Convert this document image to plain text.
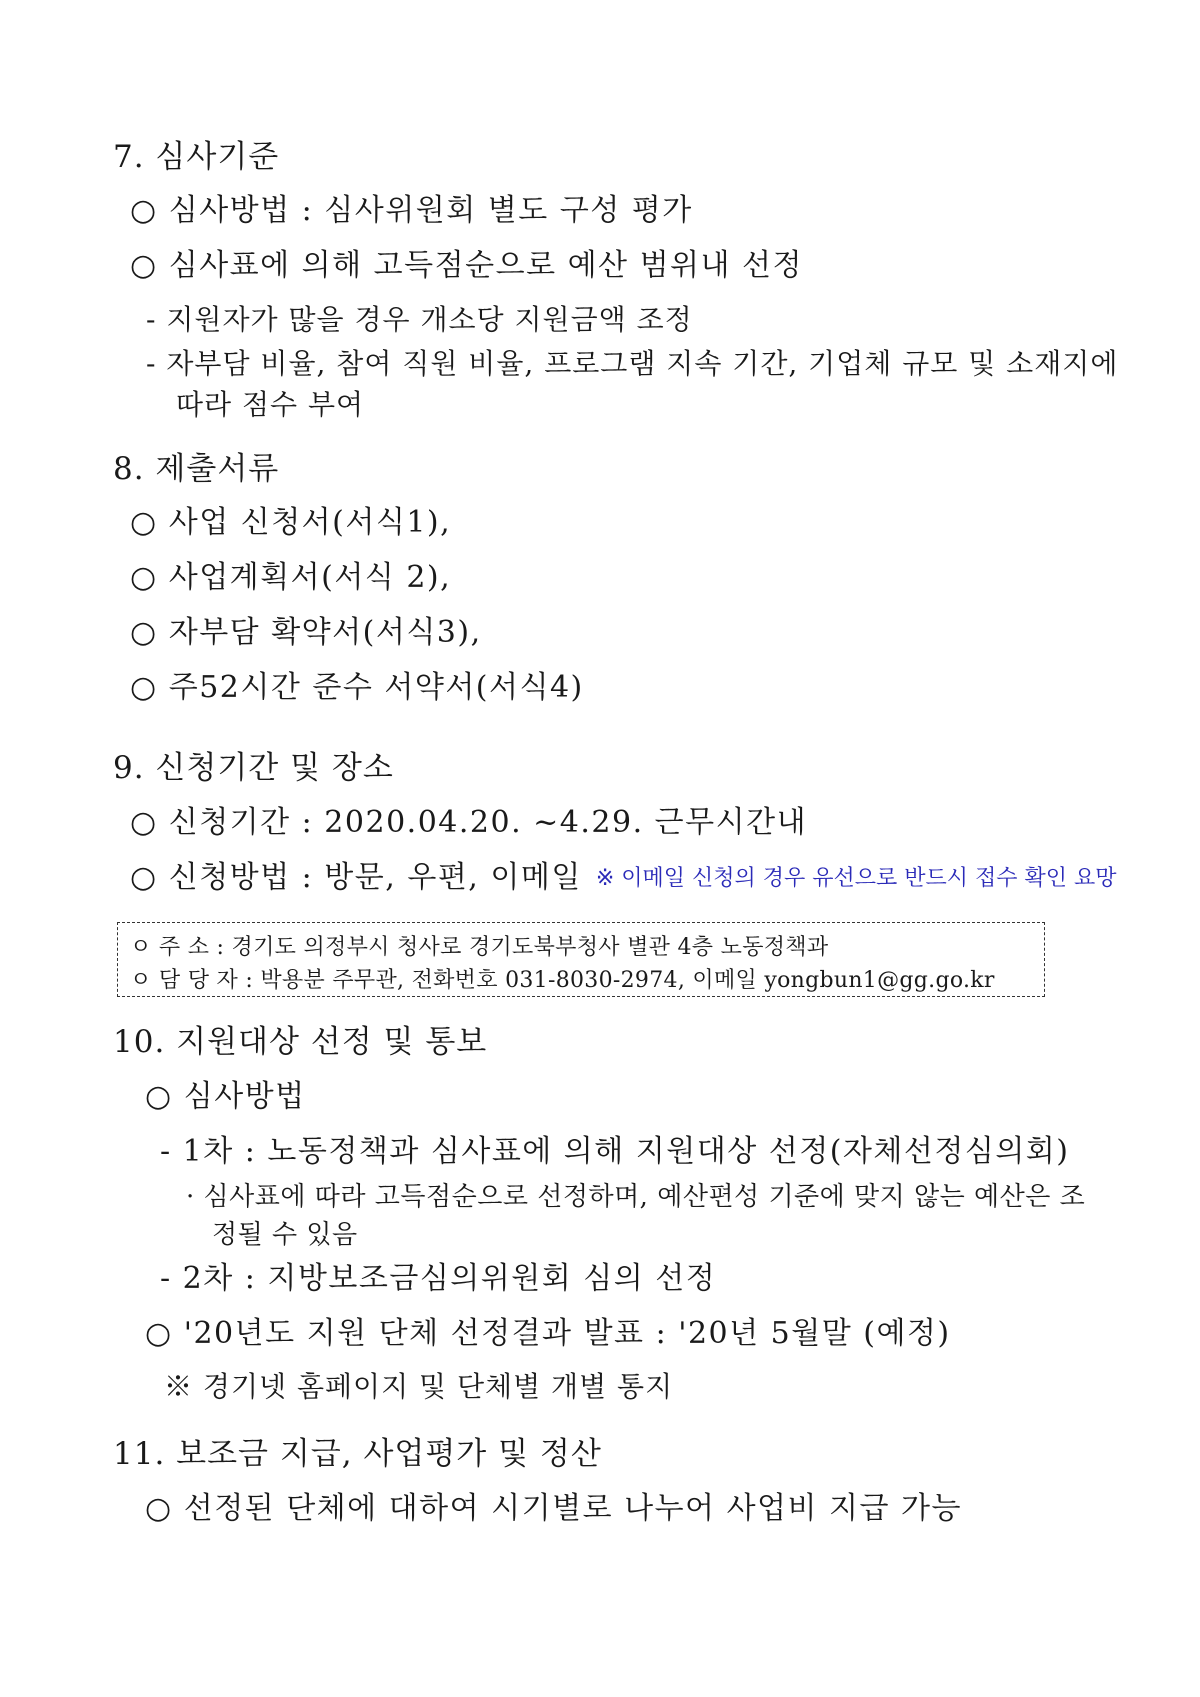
7. 심사기준
○ 심사방법 : 심사위원회 별도 구성 평가
○ 심사표에 의해 고득점순으로 예산 범위내 선정
- 지원자가 많을 경우 개소당 지원금액 조정
- 자부담 비율, 참여 직원 비율, 프로그램 지속 기간, 기업체 규모 및 소재지에
따라 점수 부여
8. 제출서류
○ 사업 신청서(서식1),
○ 사업계획서(서식 2),
○ 자부담 확약서(서식3),
○ 주52시간 준수 서약서(서식4)
9. 신청기간 및 장소
○ 신청기간 : 2020.04.20. ~4.29. 근무시간내
○ 신청방법 : 방문, 우편, 이메일 ※ 이메일 신청의 경우 유선으로 반드시 접수 확인 요망
ㅇ 주 소 : 경기도 의정부시 청사로 경기도북부청사 별관 4층 노동정책과
ㅇ 담 당 자 : 박용분 주무관, 전화번호 031-8030-2974, 이메일 yongbun1@gg.go.kr
10. 지원대상 선정 및 통보
○ 심사방법
- 1차 : 노동정책과 심사표에 의해 지원대상 선정(자체선정심의회)
· 심사표에 따라 고득점순으로 선정하며, 예산편성 기준에 맞지 않는 예산은 조
정될 수 있음
- 2차 : 지방보조금심의위원회 심의 선정
○ '20년도 지원 단체 선정결과 발표 : '20년 5월말 (예정)
※ 경기넷 홈페이지 및 단체별 개별 통지
11. 보조금 지급, 사업평가 및 정산
○ 선정된 단체에 대하여 시기별로 나누어 사업비 지급 가능
